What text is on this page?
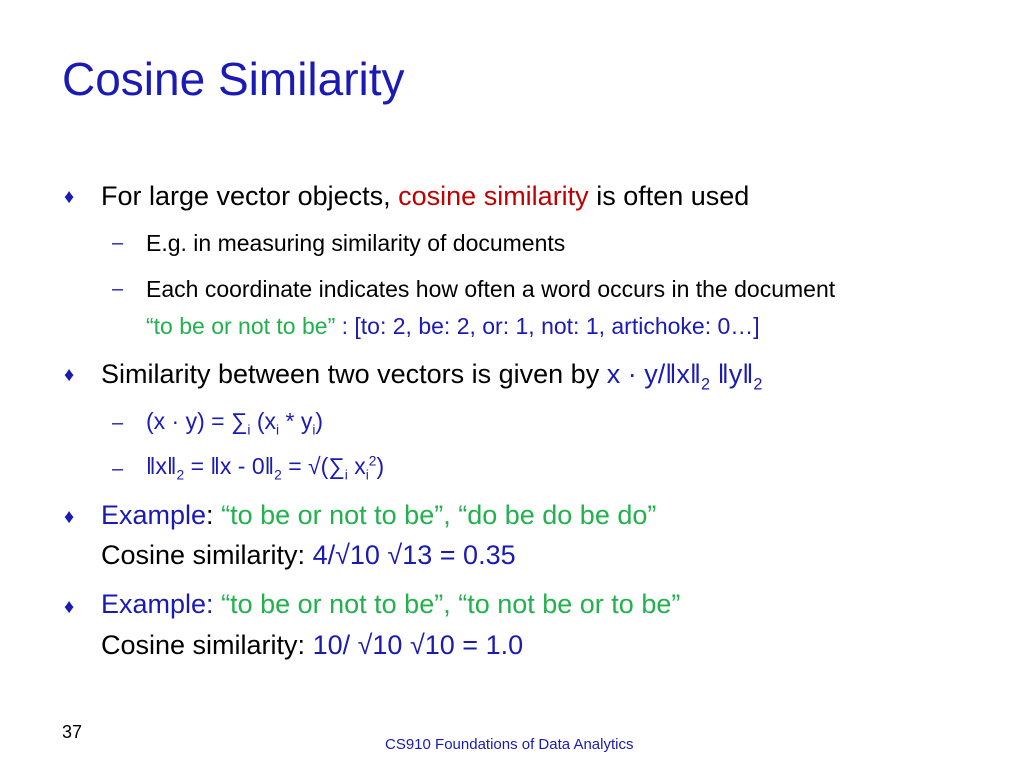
Cosine Similarity
♦ For large vector objects, cosine similarity is often used
– E.g. in measuring similarity of documents
– Each coordinate indicates how often a word occurs in the document
“to be or not to be” : [to: 2, be: 2, or: 1, not: 1, artichoke: 0…]
♦ Similarity between two vectors is given by $x \cdot y/‖x‖_2$ $‖y‖_2$
– $(x \cdot y) = \sum_i$ $(x_i * y_i)$
– $‖x‖_2$ = ‖x - $0‖_2 = √(\sum_i$ $x_i^2$)
♦ Example: “to be or not to be”, “do be do be do”
Cosine similarity: 4/√10 √13 = 0.35
♦ Example: “to be or not to be”, “to not be or to be”
Cosine similarity: 10/ √10 √10 = 1.0
37
CS910 Foundations of Data Analytics
